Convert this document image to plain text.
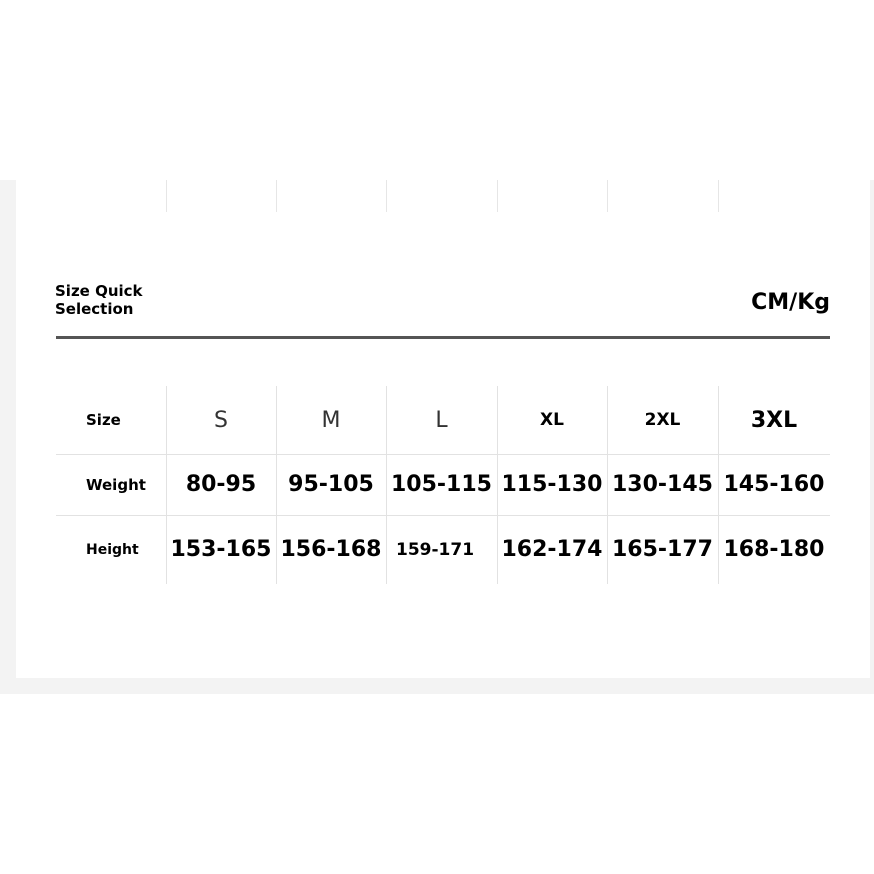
Size Quick
Selection	CM/Kg
Size	S	M	L	XL	2XL	3XL
Weight	80-95	95-105 105-115 115-130 130-145 145-160
Height	153-165 156-168 159-171	162-174 165-177 168-180
